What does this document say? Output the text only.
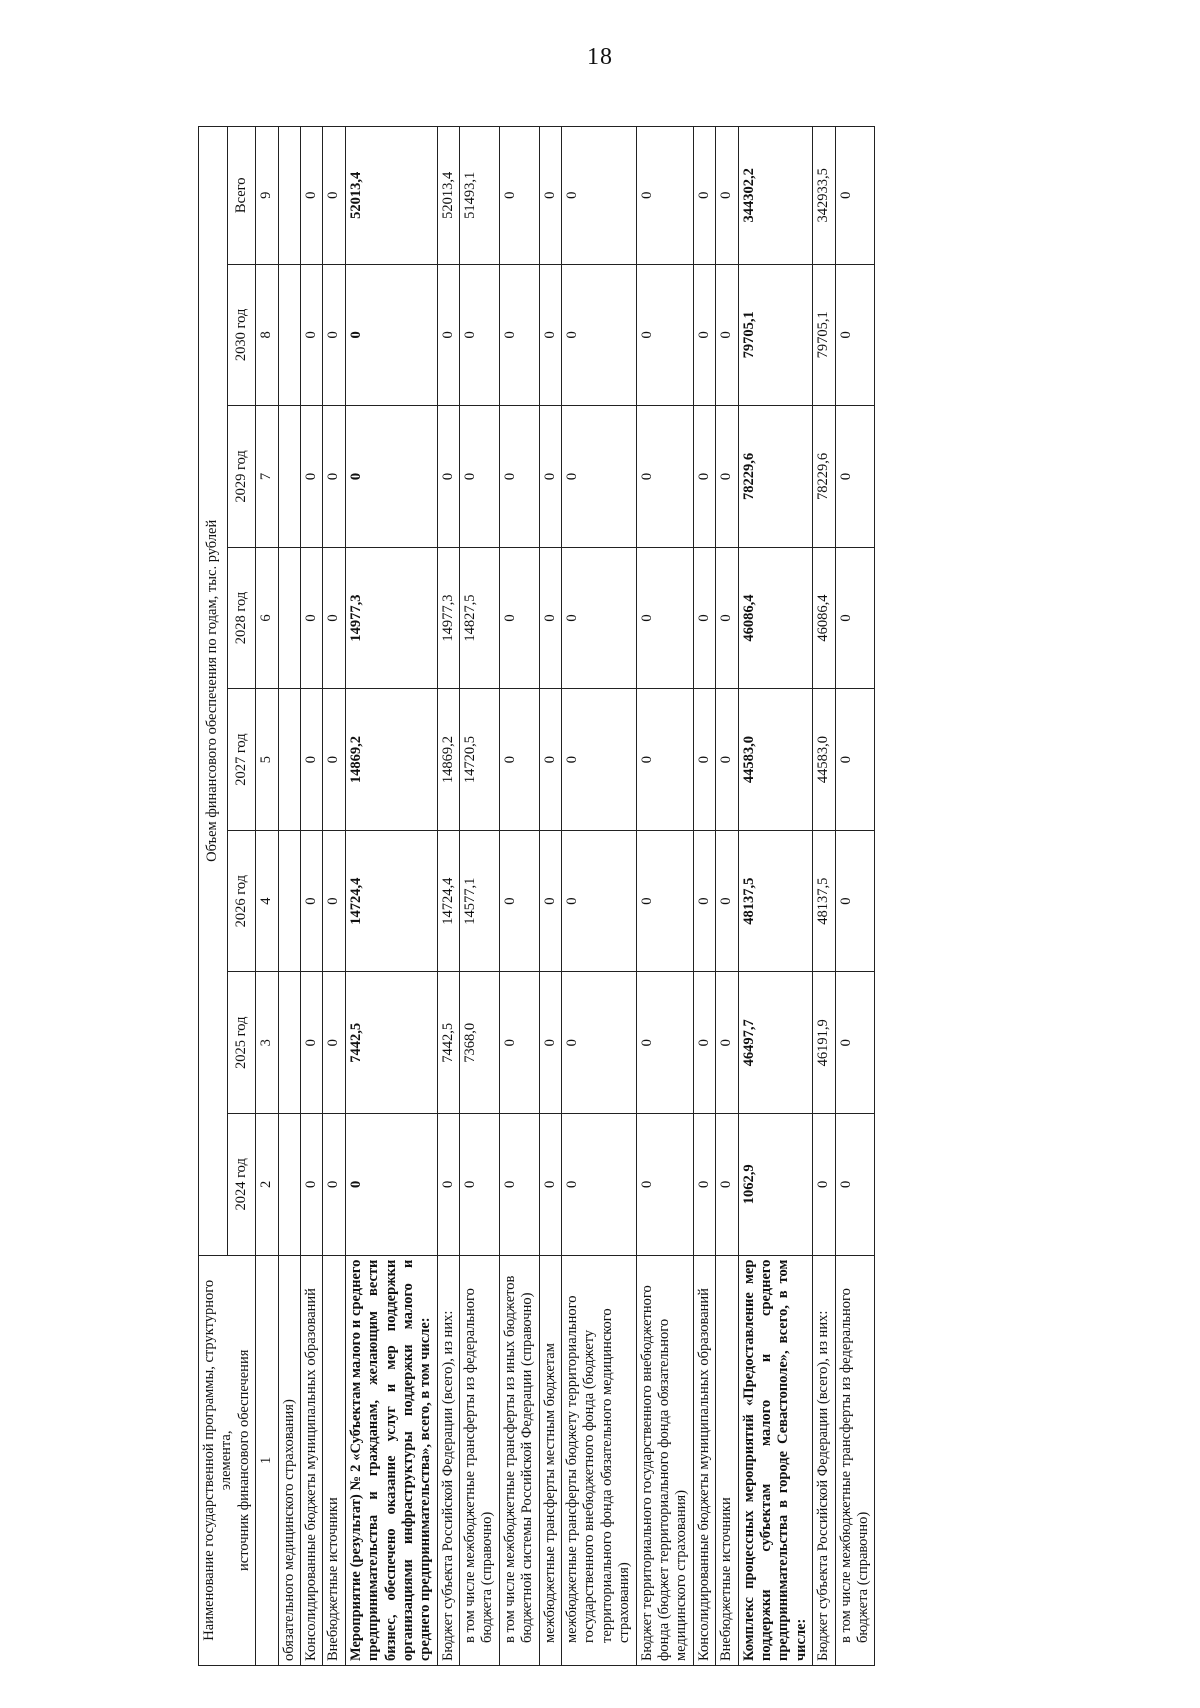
18
Наименование государственной программы, структурного элемента, источник финансового обеспечения	Объем финансового обеспечения по годам, тыс. рублей							
	2024 год	2025 год	2026 год	2027 год	2028 год	2029 год	2030 год	Всего
1	2	3	4	5	6	7	8	9
обязательного медицинского страхования)								
Консолидированные бюджеты муниципальных образований	0	0	0	0	0	0	0	0
Внебюджетные источники	0	0	0	0	0	0	0	0
Мероприятие (результат) № 2 «Субъектам малого и среднего предпринимательства и гражданам, желающим вести бизнес, обеспечено оказание услуг и мер поддержки организациями инфраструктуры поддержки малого и среднего предпринимательства», всего, в том числе:	0	7442,5	14724,4	14869,2	14977,3	0	0	52013,4
Бюджет субъекта Российской Федерации (всего), из них:	0	7442,5	14724,4	14869,2	14977,3	0	0	52013,4
в том числе межбюджетные трансферты из федерального бюджета (справочно)	0	7368,0	14577,1	14720,5	14827,5	0	0	51493,1
в том числе межбюджетные трансферты из иных бюджетов бюджетной системы Российской Федерации (справочно)	0	0	0	0	0	0	0	0
межбюджетные трансферты местным бюджетам	0	0	0	0	0	0	0	0
межбюджетные трансферты бюджету территориального государственного внебюджетного фонда (бюджету территориального фонда обязательного медицинского страхования)	0	0	0	0	0	0	0	0
Бюджет территориального государственного внебюджетного фонда (бюджет территориального фонда обязательного медицинского страхования)	0	0	0	0	0	0	0	0
Консолидированные бюджеты муниципальных образований	0	0	0	0	0	0	0	0
Внебюджетные источники	0	0	0	0	0	0	0	0
Комплекс процессных мероприятий «Предоставление мер поддержки субъектам малого и среднего предпринимательства в городе Севастополе», всего, в том числе:	1062,9	46497,7	48137,5	44583,0	46086,4	78229,6	79705,1	344302,2
Бюджет субъекта Российской Федерации (всего), из них:	0	46191,9	48137,5	44583,0	46086,4	78229,6	79705,1	342933,5
в том числе межбюджетные трансферты из федерального бюджета (справочно)	0	0	0	0	0	0	0	0
